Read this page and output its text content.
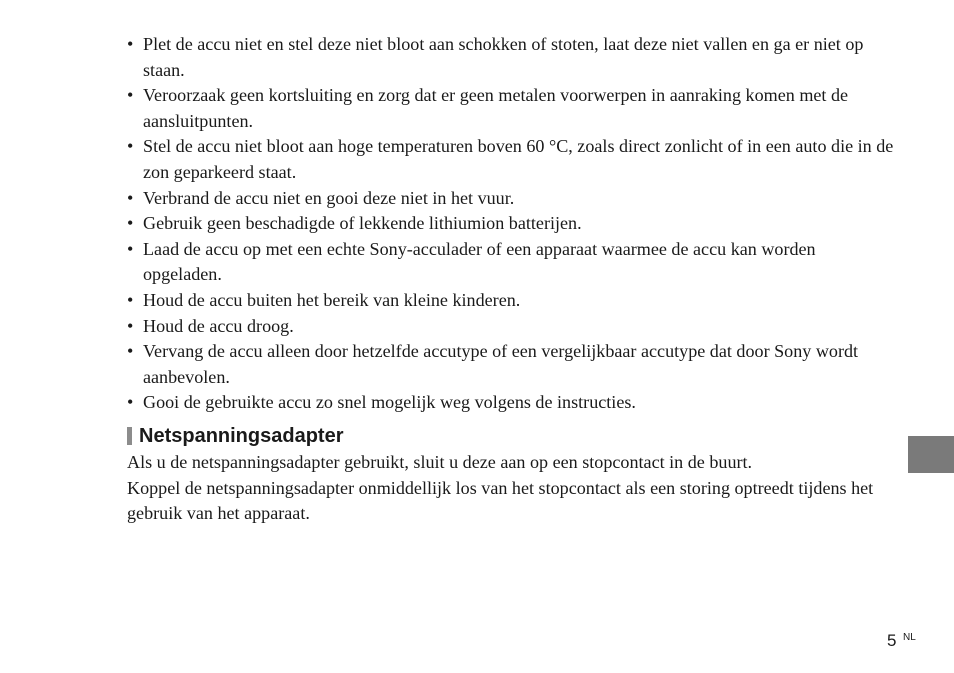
• Plet de accu niet en stel deze niet bloot aan schokken of stoten, laat deze niet vallen en ga er niet op staan.
• Veroorzaak geen kortsluiting en zorg dat er geen metalen voorwerpen in aanraking komen met de aansluitpunten.
• Stel de accu niet bloot aan hoge temperaturen boven 60 °C, zoals direct zonlicht of in een auto die in de zon geparkeerd staat.
• Verbrand de accu niet en gooi deze niet in het vuur.
• Gebruik geen beschadigde of lekkende lithiumion batterijen.
• Laad de accu op met een echte Sony-acculader of een apparaat waarmee de accu kan worden opgeladen.
• Houd de accu buiten het bereik van kleine kinderen.
• Houd de accu droog.
• Vervang de accu alleen door hetzelfde accutype of een vergelijkbaar accutype dat door Sony wordt aanbevolen.
• Gooi de gebruikte accu zo snel mogelijk weg volgens de instructies.
Netspanningsadapter

Als u de netspanningsadapter gebruikt, sluit u deze aan op een stopcontact in de buurt.

Koppel de netspanningsadapter onmiddellijk los van het stopcontact als een storing optreedt tijdens het gebruik van het apparaat.

5 NL
